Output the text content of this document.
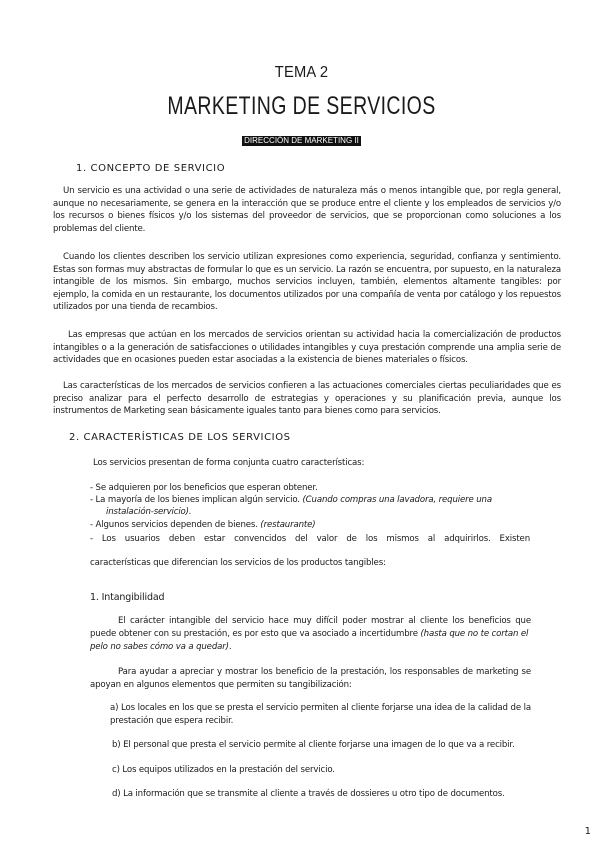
TEMA 2
MARKETING DE SERVICIOS
DIRECCIÓN DE MARKETING II
1. CONCEPTO DE SERVICIO
Un servicio es una actividad o una serie de actividades de naturaleza más o menos intangible que, por regla general, aunque no necesariamente, se genera en la interacción que se produce entre el cliente y los empleados de servicios y/o los recursos o bienes físicos y/o los sistemas del proveedor de servicios, que se proporcionan como soluciones a los problemas del cliente.
Cuando los clientes describen los servicio utilizan expresiones como experiencia, seguridad, confianza y sentimiento. Estas son formas muy abstractas de formular lo que es un servicio. La razón se encuentra, por supuesto, en la naturaleza intangible de los mismos. Sin embargo, muchos servicios incluyen, también, elementos altamente tangibles: por ejemplo, la comida en un restaurante, los documentos utilizados por una compañía de venta por catálogo y los repuestos utilizados por una tienda de recambios.
Las empresas que actúan en los mercados de servicios orientan su actividad hacia la comercialización de productos intangibles o a la generación de satisfacciones o utilidades intangibles y cuya prestación comprende una amplia serie de actividades que en ocasiones pueden estar asociadas a la existencia de bienes materiales o físicos.
Las características de los mercados de servicios confieren a las actuaciones comerciales ciertas peculiaridades que es preciso analizar para el perfecto desarrollo de estrategias y operaciones y su planificación previa, aunque los instrumentos de Marketing sean básicamente iguales tanto para bienes como para servicios.
2. CARACTERÍSTICAS DE LOS SERVICIOS
Los servicios presentan de forma conjunta cuatro características:
- Se adquieren por los beneficios que esperan obtener.
- La mayoría de los bienes implican algún servicio. (Cuando compras una lavadora, requiere una
instalación-servicio).
- Algunos servicios dependen de bienes. (restaurante)
- Los usuarios deben estar convencidos del valor de los mismos al adquirirlos. Existen
características que diferencian los servicios de los productos tangibles:
1. Intangibilidad
El carácter intangible del servicio hace muy difícil poder mostrar al cliente los beneficios que
puede obtener con su prestación, es por esto que va asociado a incertidumbre (hasta que no te cortan el
pelo no sabes cómo va a quedar).
Para ayudar a apreciar y mostrar los beneficio de la prestación, los responsables de marketing se apoyan en algunos elementos que permiten su tangibilización:
a) Los locales en los que se presta el servicio permiten al cliente forjarse una idea de la calidad de la prestación que espera recibir.
b) El personal que presta el servicio permite al cliente forjarse una imagen de lo que va a recibir.
c) Los equipos utilizados en la prestación del servicio.
d) La información que se transmite al cliente a través de dossieres u otro tipo de documentos.
1
